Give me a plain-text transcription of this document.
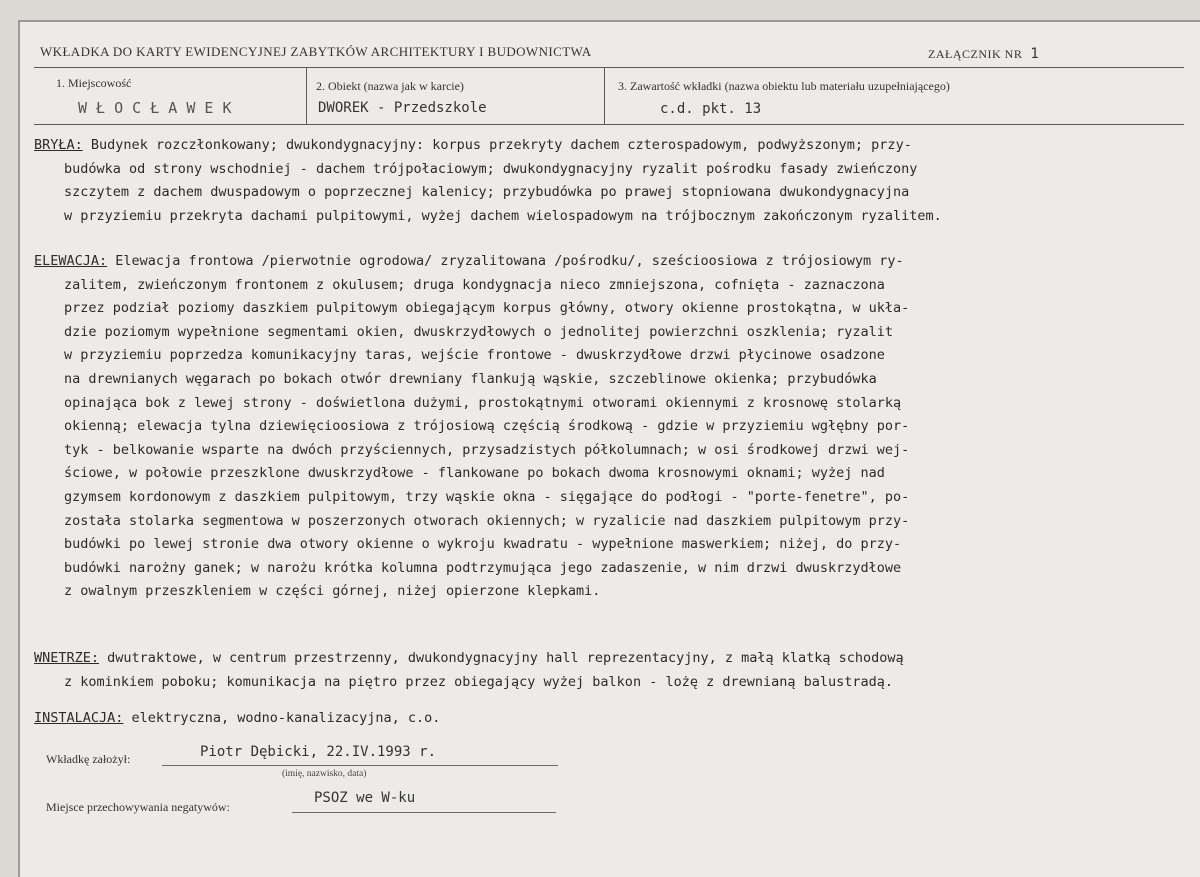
WKŁADKA DO KARTY EWIDENCYJNEJ ZABYTKÓW ARCHITEKTURY I BUDOWNICTWA	ZAŁĄCZNIK NR 1
1. Miejscowość
W Ł O C Ł A W E K
2. Obiekt (nazwa jak w karcie)
DWOREK - Przedszkole
3. Zawartość wkładki (nazwa obiektu lub materiału uzupełniającego)
c.d. pkt. 13
BRYŁA: Budynek rozczłonkowany; dwukondygnacyjny: korpus przekryty dachem czterospadowym, podwyższonym; przy-
budówka od strony wschodniej - dachem trójpołaciowym; dwukondygnacyjny ryzalit pośrodku fasady zwieńczony
szczytem z dachem dwuspadowym o poprzecznej kalenicy; przybudówka po prawej stopniowana dwukondygnacyjna
w przyziemiu przekryta dachami pulpitowymi, wyżej dachem wielospadowym na trójbocznym zakończonym ryzalitem.
ELEWACJA: Elewacja frontowa /pierwotnie ogrodowa/ zryzalitowana /pośrodku/, sześcioosiowa z trójosiowym ry-
zalitem, zwieńczonym frontonem z okulusem; druga kondygnacja nieco zmniejszona, cofnięta - zaznaczona
przez podział poziomy daszkiem pulpitowym obiegającym korpus główny, otwory okienne prostokątna, w ukła-
dzie poziomym wypełnione segmentami okien, dwuskrzydłowych o jednolitej powierzchni oszklenia; ryzalit
w przyziemiu poprzedza komunikacyjny taras, wejście frontowe - dwuskrzydłowe drzwi płycinowe osadzone
na drewnianych węgarach po bokach otwór drewniany flankują wąskie, szczeblinowe okienka; przybudówka
opinająca bok z lewej strony - doświetlona dużymi, prostokątnymi otworami okiennymi z krosnowę stolarką
okienną; elewacja tylna dziewięcioosiowa z trójosiową częścią środkową - gdzie w przyziemiu wgłębny por-
tyk - belkowanie wsparte na dwóch przyściennych, przysadzistych półkolumnach; w osi środkowej drzwi wej-
ściowe, w połowie przeszklone dwuskrzydłowe - flankowane po bokach dwoma krosnowymi oknami; wyżej nad
gzymsem kordonowym z daszkiem pulpitowym, trzy wąskie okna - sięgające do podłogi - "porte-fenetre", po-
została stolarka segmentowa w poszerzonych otworach okiennych; w ryzalicie nad daszkiem pulpitowym przy-
budówki po lewej stronie dwa otwory okienne o wykroju kwadratu - wypełnione maswerkiem; niżej, do przy-
budówki narożny ganek; w narożu krótka kolumna podtrzymująca jego zadaszenie, w nim drzwi dwuskrzydłowe
z owalnym przeszkleniem w części górnej, niżej opierzone klepkami.
WNETRZE: dwutraktowe, w centrum przestrzenny, dwukondygnacyjny hall reprezentacyjny, z małą klatką schodową
z kominkiem poboku; komunikacja na piętro przez obiegający wyżej balkon - lożę z drewnianą balustradą.
INSTALACJA: elektryczna, wodno-kanalizacyjna, c.o.
Wkładkę założył:	Piotr Dębicki, 22.IV.1993 r.
(imię, nazwisko, data)
Miejsce przechowywania negatywów:
PSOZ we W-ku
